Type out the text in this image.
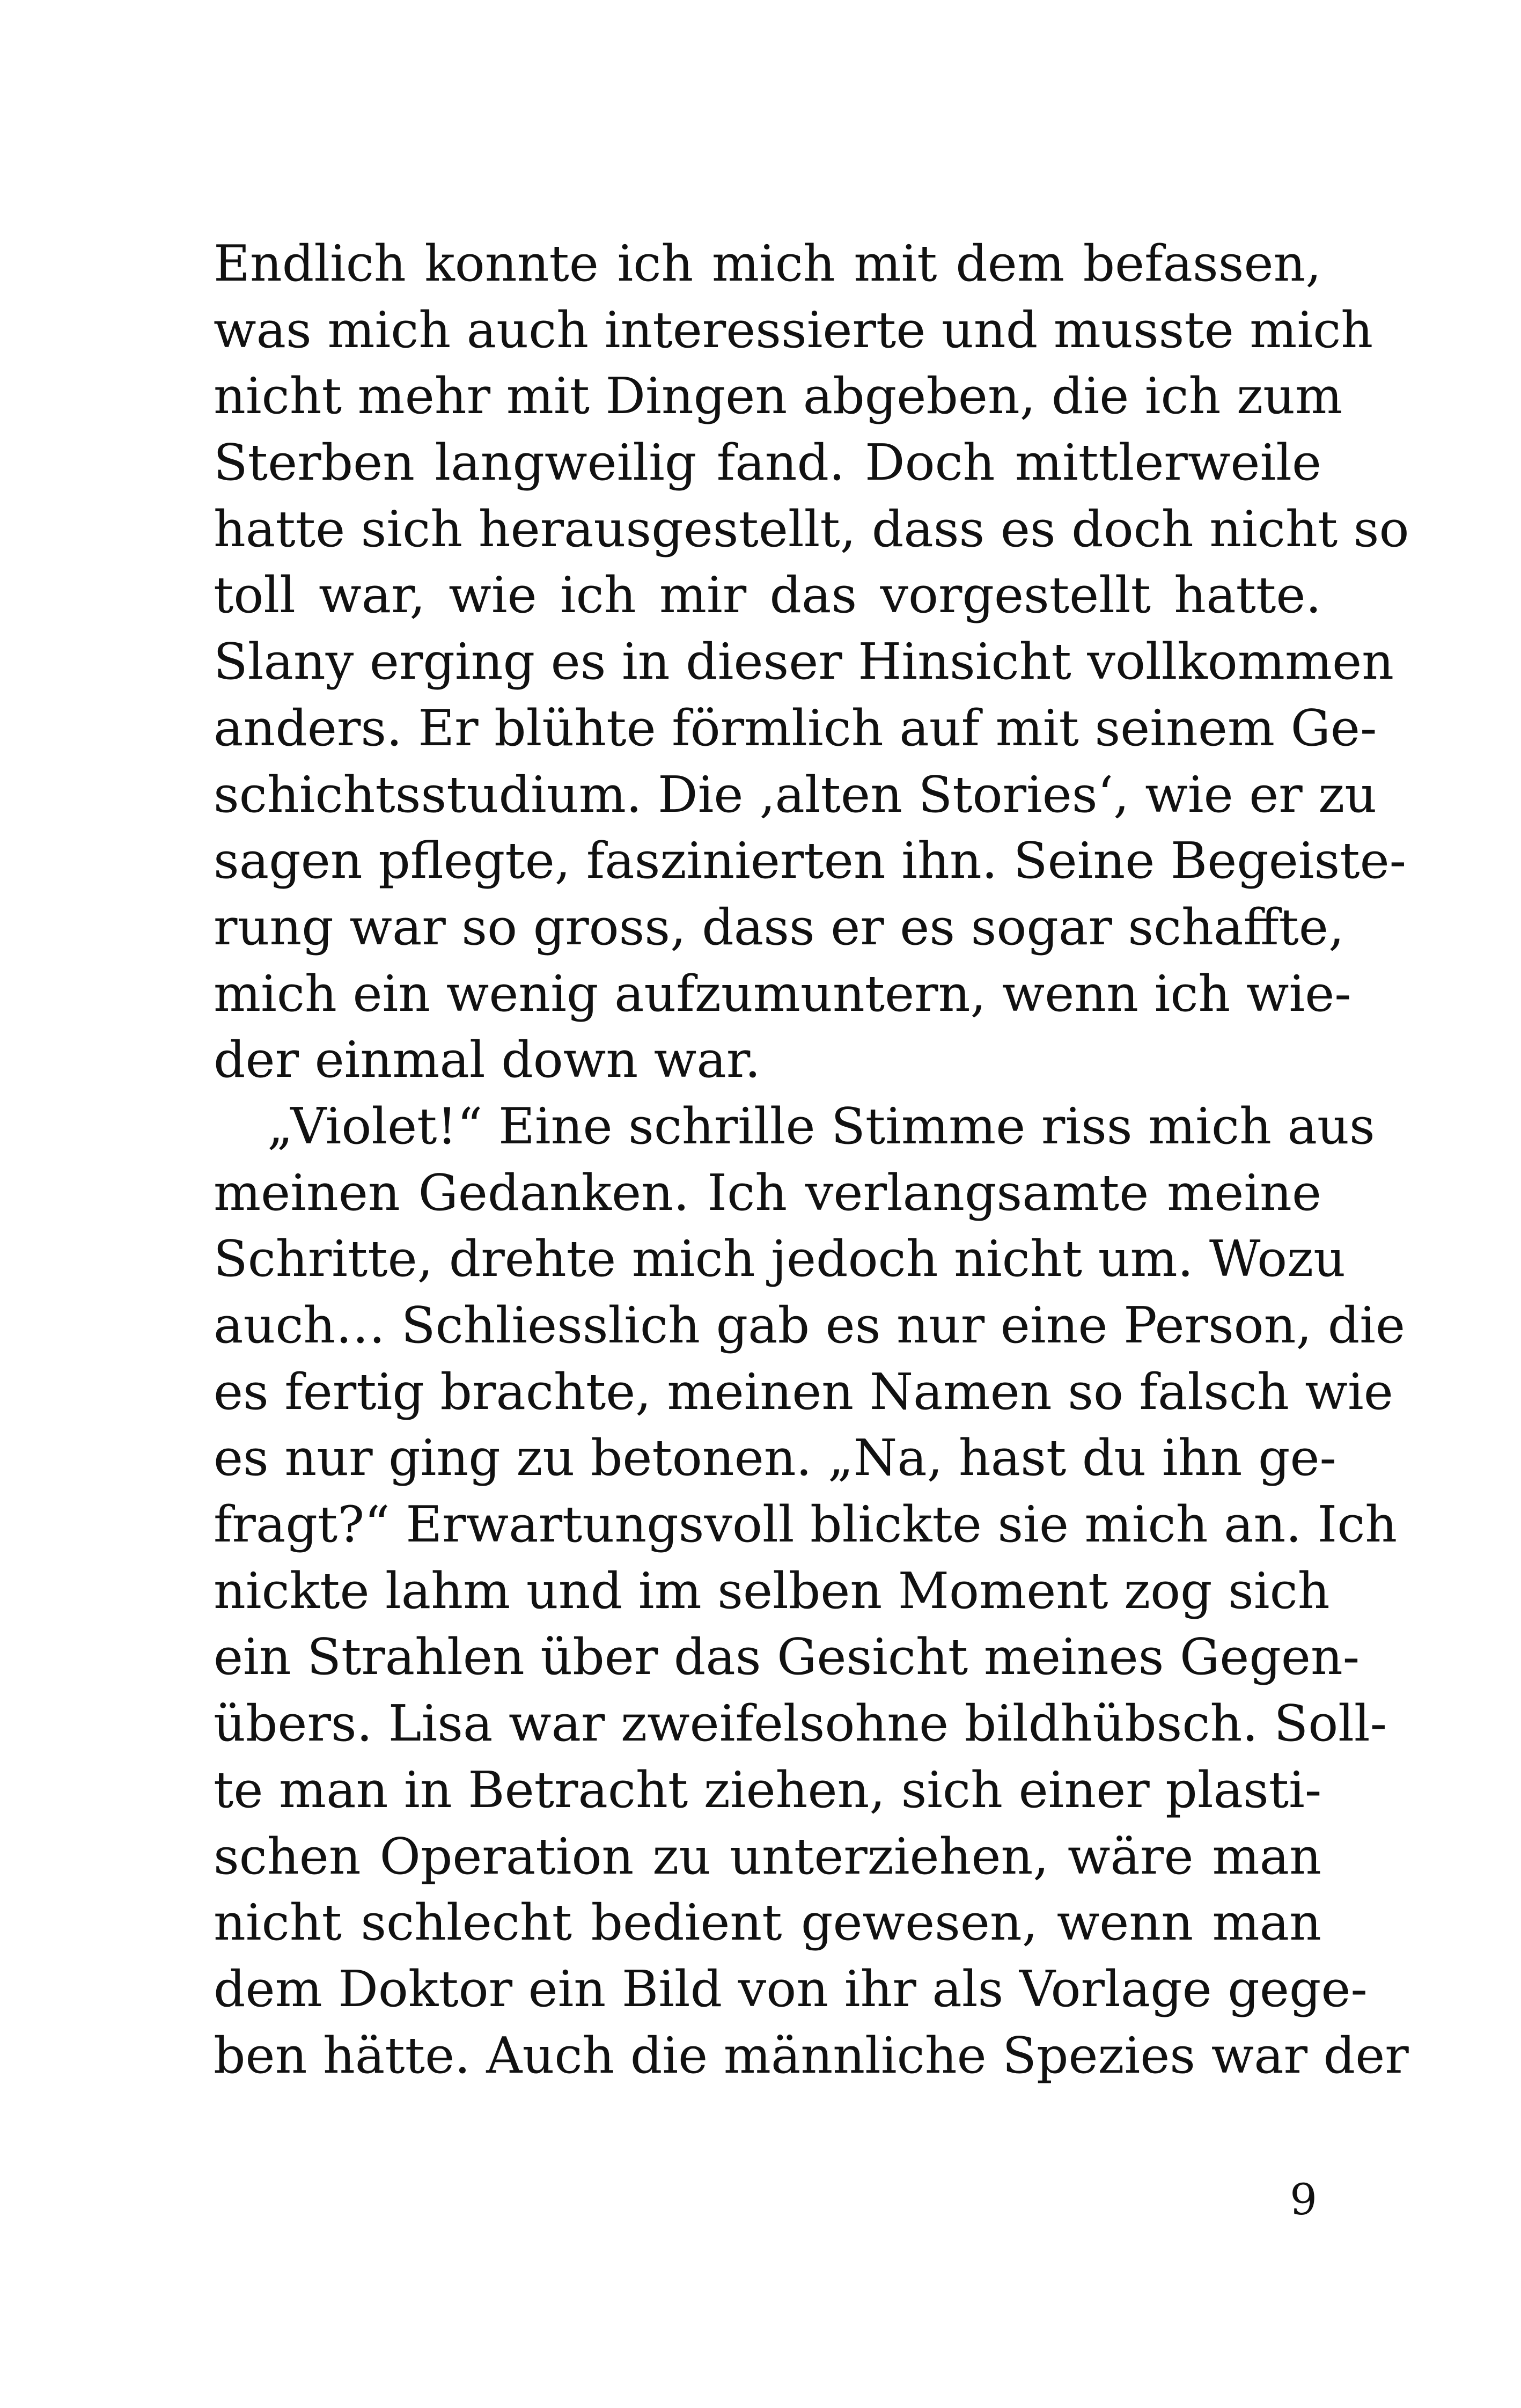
Endlich konnte ich mich mit dem befassen,
was mich auch interessierte und musste mich
nicht mehr mit Dingen abgeben, die ich zum
Sterben langweilig fand. Doch mittlerweile
hatte sich herausgestellt, dass es doch nicht so
toll war, wie ich mir das vorgestellt hatte.
Slany erging es in dieser Hinsicht vollkommen
anders. Er blühte förmlich auf mit seinem Ge-
schichtsstudium. Die ‚alten Stories‘, wie er zu
sagen pflegte, faszinierten ihn. Seine Begeiste-
rung war so gross, dass er es sogar schaffte,
mich ein wenig aufzumuntern, wenn ich wie-
der einmal down war.
„Violet!“ Eine schrille Stimme riss mich aus
meinen Gedanken. Ich verlangsamte meine
Schritte, drehte mich jedoch nicht um. Wozu
auch… Schliesslich gab es nur eine Person, die
es fertig brachte, meinen Namen so falsch wie
es nur ging zu betonen. „Na, hast du ihn ge-
fragt?“ Erwartungsvoll blickte sie mich an. Ich
nickte lahm und im selben Moment zog sich
ein Strahlen über das Gesicht meines Gegen-
übers. Lisa war zweifelsohne bildhübsch. Soll-
te man in Betracht ziehen, sich einer plasti-
schen Operation zu unterziehen, wäre man
nicht schlecht bedient gewesen, wenn man
dem Doktor ein Bild von ihr als Vorlage gege-
ben hätte. Auch die männliche Spezies war der
9
